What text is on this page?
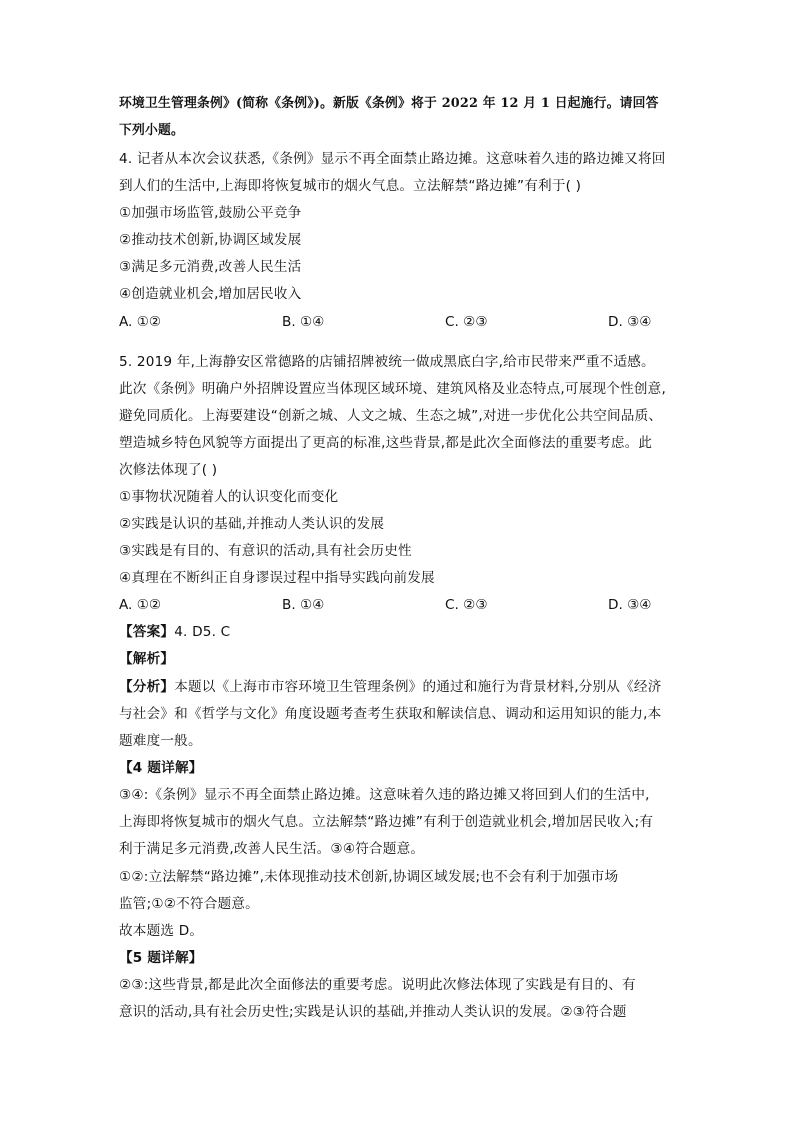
环境卫生管理条例》(简称《条例》)。新版《条例》将于 2022 年 12 月 1 日起施行。请回答
下列小题。
4. 记者从本次会议获悉,《条例》显示不再全面禁止路边摊。这意味着久违的路边摊又将回
到人们的生活中,上海即将恢复城市的烟火气息。立法解禁“路边摊”有利于( )
①加强市场监管,鼓励公平竞争
②推动技术创新,协调区域发展
③满足多元消费,改善人民生活
④创造就业机会,增加居民收入
A. ①②	B. ①④	C. ②③	D. ③④
5. 2019 年,上海静安区常德路的店铺招牌被统一做成黑底白字,给市民带来严重不适感。
此次《条例》明确户外招牌设置应当体现区域环境、建筑风格及业态特点,可展现个性创意,
避免同质化。上海要建设“创新之城、人文之城、生态之城”,对进一步优化公共空间品质、
塑造城乡特色风貌等方面提出了更高的标准,这些背景,都是此次全面修法的重要考虑。此
次修法体现了( )
①事物状况随着人的认识变化而变化
②实践是认识的基础,并推动人类认识的发展
③实践是有目的、有意识的活动,具有社会历史性
④真理在不断纠正自身谬误过程中指导实践向前发展
A. ①②	B. ①④	C. ②③	D. ③④
【答案】4. D5. C
【解析】
【分析】本题以《上海市市容环境卫生管理条例》的通过和施行为背景材料,分别从《经济
与社会》和《哲学与文化》角度设题考查考生获取和解读信息、调动和运用知识的能力,本
题难度一般。
【4 题详解】
③④:《条例》显示不再全面禁止路边摊。这意味着久违的路边摊又将回到人们的生活中,
上海即将恢复城市的烟火气息。立法解禁“路边摊”有利于创造就业机会,增加居民收入;有
利于满足多元消费,改善人民生活。③④符合题意。
①②:立法解禁“路边摊”,未体现推动技术创新,协调区域发展;也不会有利于加强市场
监管;①②不符合题意。
故本题选 D。
【5 题详解】
②③:这些背景,都是此次全面修法的重要考虑。说明此次修法体现了实践是有目的、有
意识的活动,具有社会历史性;实践是认识的基础,并推动人类认识的发展。②③符合题
